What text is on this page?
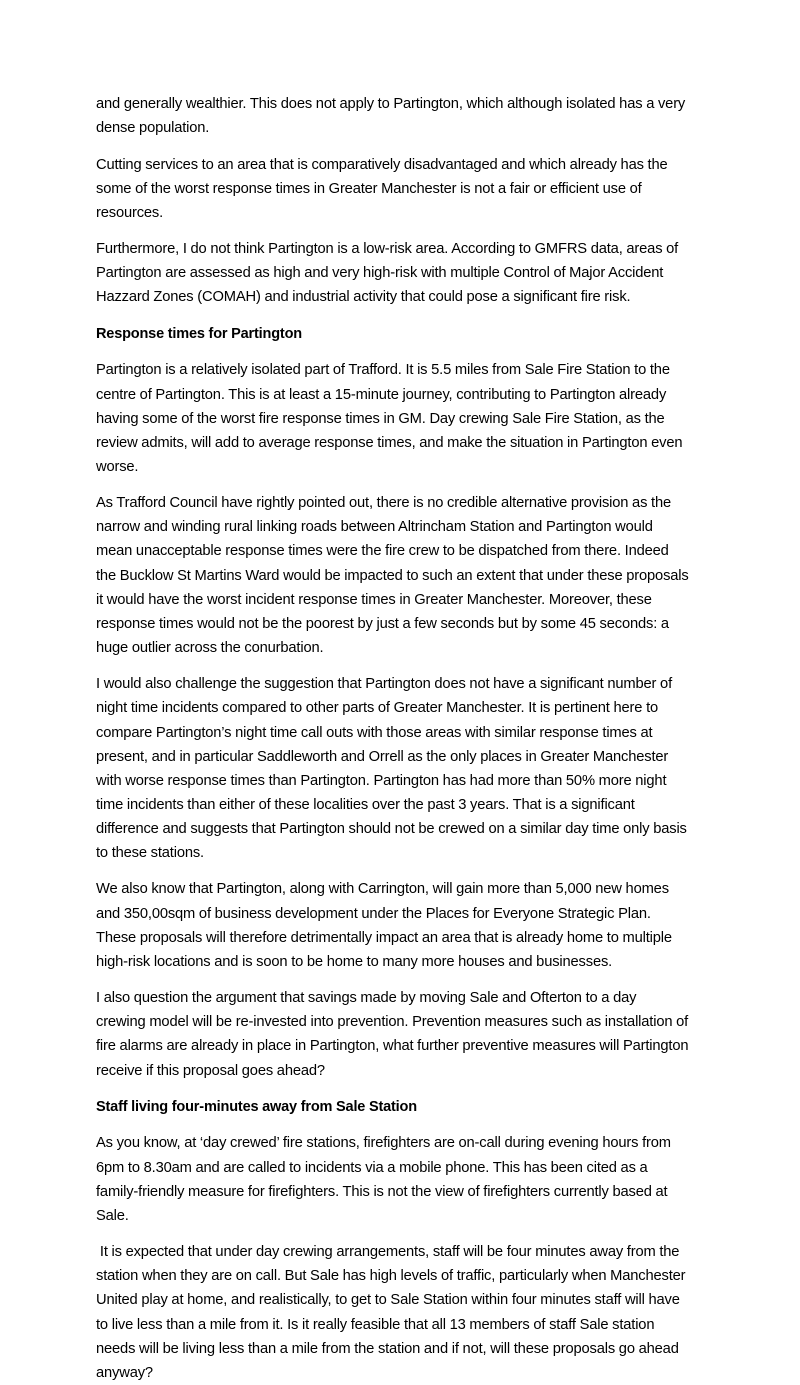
and generally wealthier. This does not apply to Partington, which although isolated has a very dense population.

Cutting services to an area that is comparatively disadvantaged and which already has the some of the worst response times in Greater Manchester is not a fair or efficient use of resources.

Furthermore, I do not think Partington is a low-risk area. According to GMFRS data, areas of Partington are assessed as high and very high-risk with multiple Control of Major Accident Hazzard Zones (COMAH) and industrial activity that could pose a significant fire risk.

Response times for Partington

Partington is a relatively isolated part of Trafford. It is 5.5 miles from Sale Fire Station to the centre of Partington. This is at least a 15-minute journey, contributing to Partington already having some of the worst fire response times in GM. Day crewing Sale Fire Station, as the review admits, will add to average response times, and make the situation in Partington even worse.

As Trafford Council have rightly pointed out, there is no credible alternative provision as the narrow and winding rural linking roads between Altrincham Station and Partington would mean unacceptable response times were the fire crew to be dispatched from there. Indeed the Bucklow St Martins Ward would be impacted to such an extent that under these proposals it would have the worst incident response times in Greater Manchester. Moreover, these response times would not be the poorest by just a few seconds but by some 45 seconds: a huge outlier across the conurbation.

I would also challenge the suggestion that Partington does not have a significant number of night time incidents compared to other parts of Greater Manchester. It is pertinent here to compare Partington’s night time call outs with those areas with similar response times at present, and in particular Saddleworth and Orrell as the only places in Greater Manchester with worse response times than Partington. Partington has had more than 50% more night time incidents than either of these localities over the past 3 years. That is a significant difference and suggests that Partington should not be crewed on a similar day time only basis to these stations.

We also know that Partington, along with Carrington, will gain more than 5,000 new homes and 350,00sqm of business development under the Places for Everyone Strategic Plan. These proposals will therefore detrimentally impact an area that is already home to multiple high-risk locations and is soon to be home to many more houses and businesses.

I also question the argument that savings made by moving Sale and Ofterton to a day crewing model will be re-invested into prevention. Prevention measures such as installation of fire alarms are already in place in Partington, what further preventive measures will Partington receive if this proposal goes ahead?

Staff living four-minutes away from Sale Station

As you know, at ‘day crewed’ fire stations, firefighters are on-call during evening hours from 6pm to 8.30am and are called to incidents via a mobile phone. This has been cited as a family-friendly measure for firefighters. This is not the view of firefighters currently based at Sale.

It is expected that under day crewing arrangements, staff will be four minutes away from the station when they are on call. But Sale has high levels of traffic, particularly when Manchester United play at home, and realistically, to get to Sale Station within four minutes staff will have to live less than a mile from it. Is it really feasible that all 13 members of staff Sale station needs will be living less than a mile from the station and if not, will these proposals go ahead anyway?
